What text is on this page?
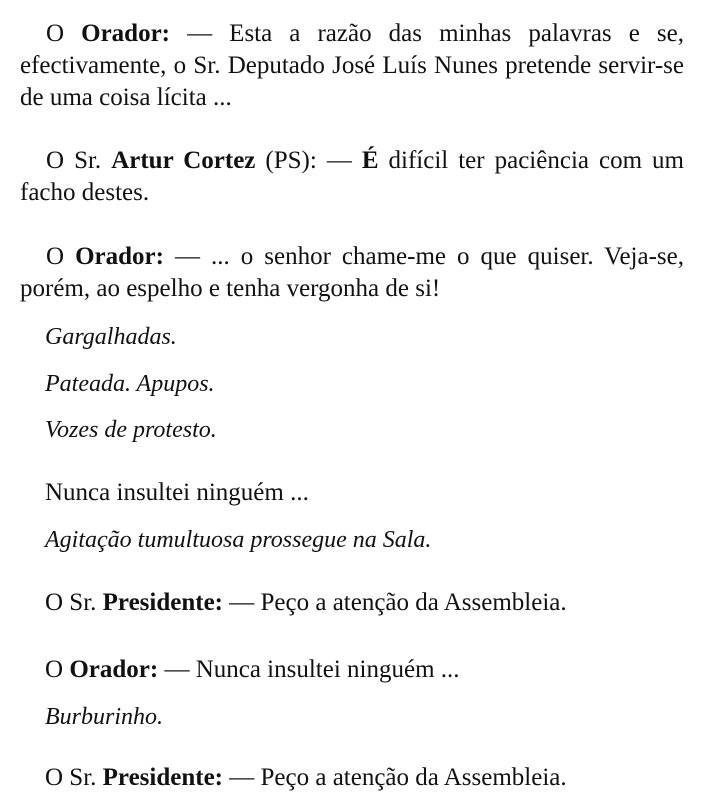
O Orador: — Esta a razão das minhas palavras e se, efectivamente, o Sr. Deputado José Luís Nunes pretende servir-se de uma coisa lícita ...

O Sr. Artur Cortez (PS): — É difícil ter paciência com um facho destes.

O Orador: — ... o senhor chame-me o que quiser. Veja-se, porém, ao espelho e tenha vergonha de si!

Gargalhadas.

Pateada. Apupos.

Vozes de protesto.

Nunca insultei ninguém ...

Agitação tumultuosa prossegue na Sala.

O Sr. Presidente: — Peço a atenção da Assembleia.

O Orador: — Nunca insultei ninguém ...

Burburinho.

O Sr. Presidente: — Peço a atenção da Assembleia.
